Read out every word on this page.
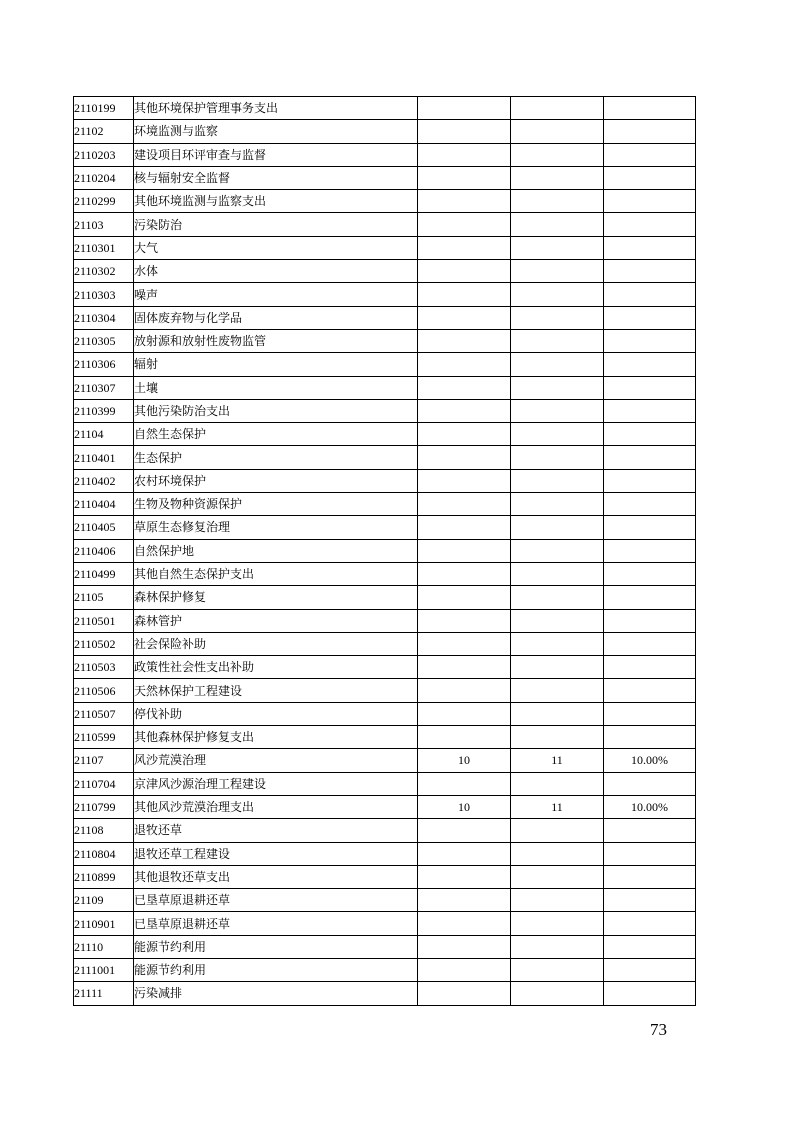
2110199	其他环境保护管理事务支出			
21102	环境监测与监察			
2110203	建设项目环评审查与监督			
2110204	核与辐射安全监督			
2110299	其他环境监测与监察支出			
21103	污染防治			
2110301	大气			
2110302	水体			
2110303	噪声			
2110304	固体废弃物与化学品			
2110305	放射源和放射性废物监管			
2110306	辐射			
2110307	土壤			
2110399	其他污染防治支出			
21104	自然生态保护			
2110401	生态保护			
2110402	农村环境保护			
2110404	生物及物种资源保护			
2110405	草原生态修复治理			
2110406	自然保护地			
2110499	其他自然生态保护支出			
21105	森林保护修复			
2110501	森林管护			
2110502	社会保险补助			
2110503	政策性社会性支出补助			
2110506	天然林保护工程建设			
2110507	停伐补助			
2110599	其他森林保护修复支出			
21107	风沙荒漠治理	10	11	10.00%
2110704	京津风沙源治理工程建设			
2110799	其他风沙荒漠治理支出	10	11	10.00%
21108	退牧还草			
2110804	退牧还草工程建设			
2110899	其他退牧还草支出			
21109	已垦草原退耕还草			
2110901	已垦草原退耕还草			
21110	能源节约利用			
2111001	能源节约利用			
21111	污染减排			
73
